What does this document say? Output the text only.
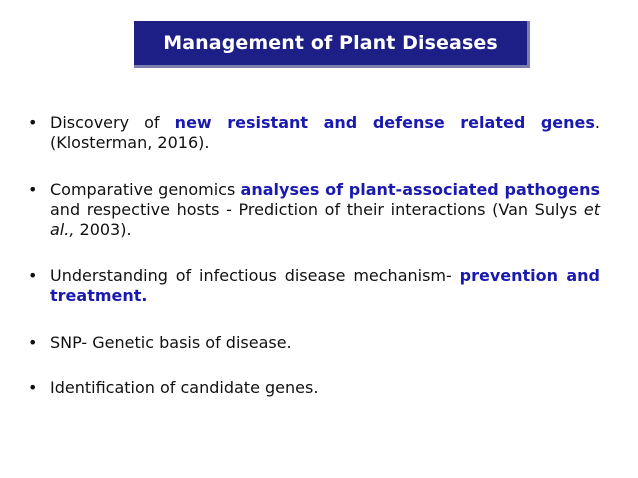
Management of Plant Diseases
• Discovery of new resistant and defense related genes. (Klosterman, 2016).
• Comparative genomics analyses of plant-associated pathogens and respective hosts - Prediction of their interactions (Van Sulys et al., 2003).
• Understanding of infectious disease mechanism- prevention and treatment.
• SNP- Genetic basis of disease.
• Identification of candidate genes.
